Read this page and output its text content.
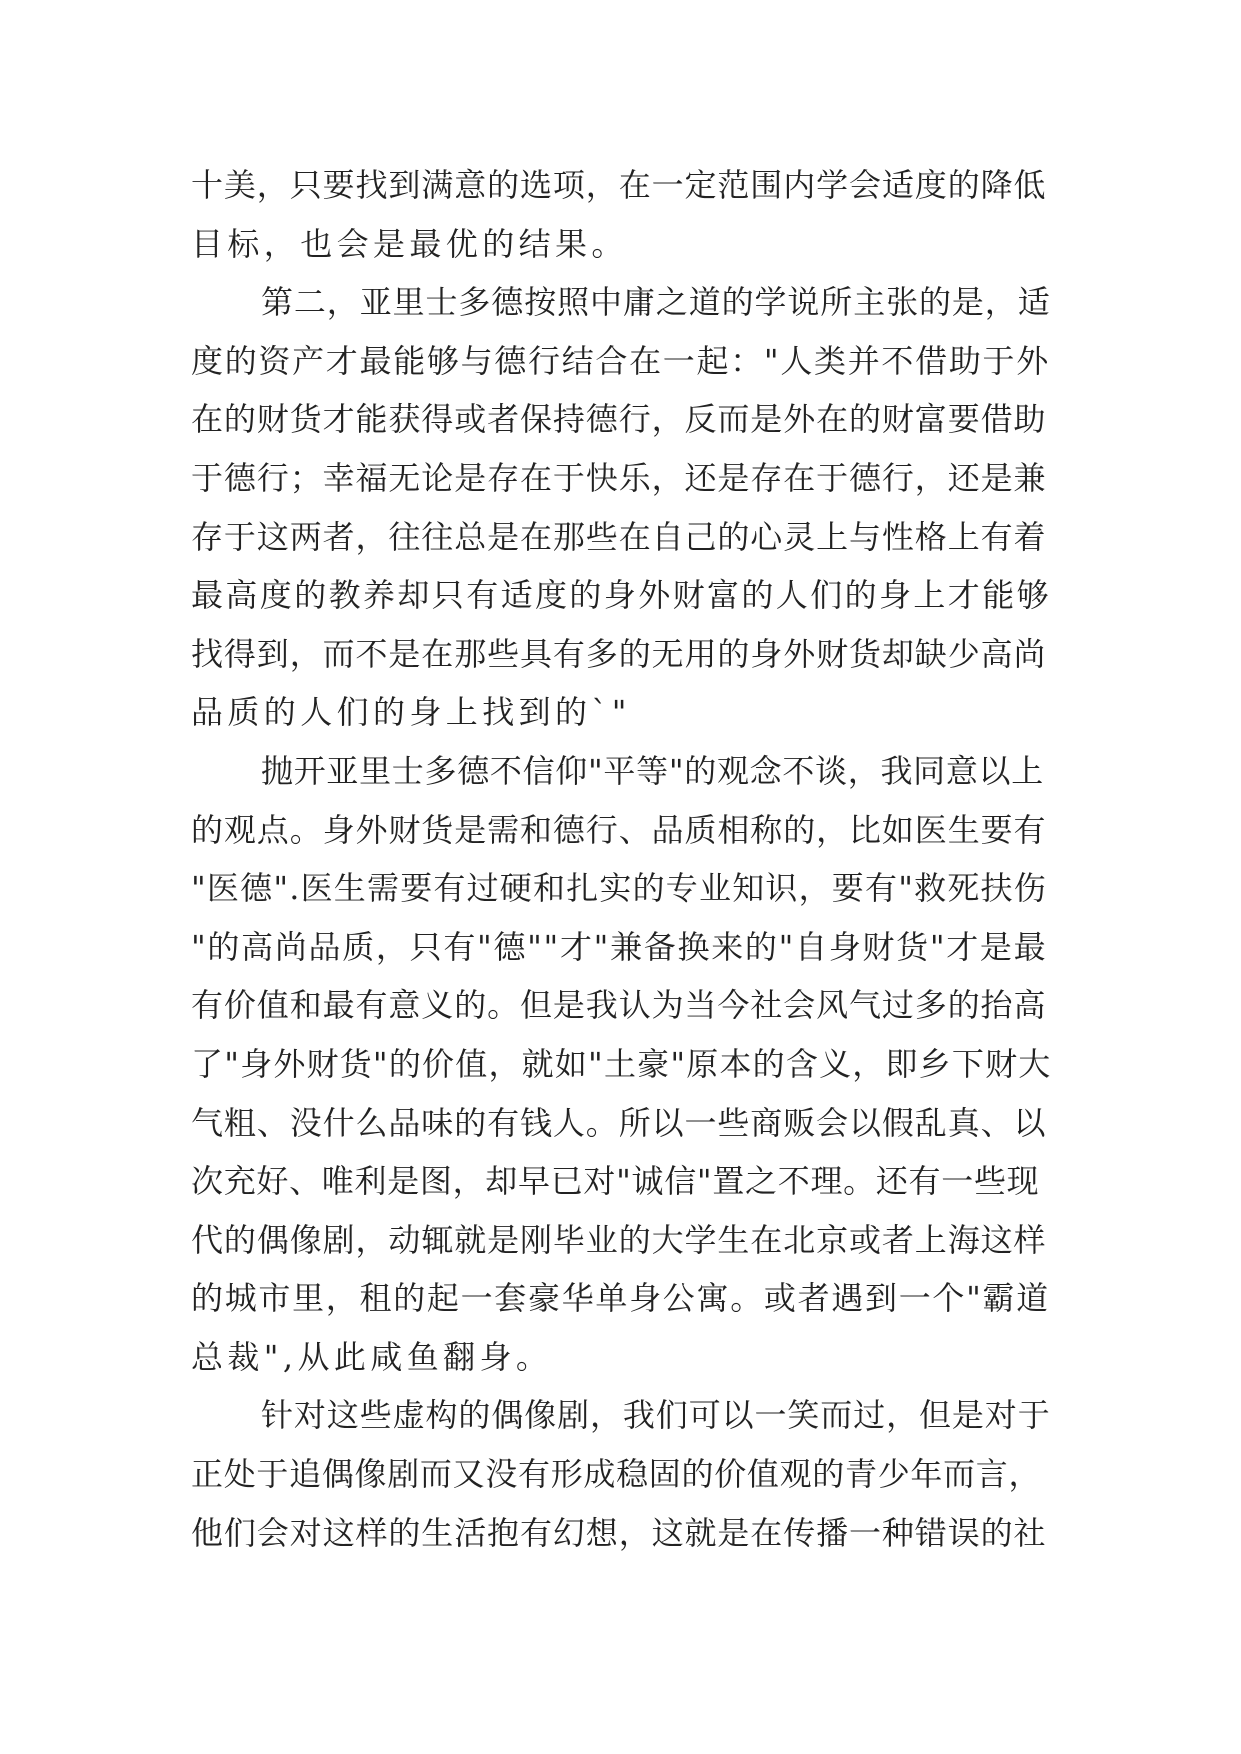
十美，只要找到满意的选项，在一定范围内学会适度的降低
目标，也会是最优的结果。
第二，亚里士多德按照中庸之道的学说所主张的是，适
度的资产才最能够与德行结合在一起："人类并不借助于外
在的财货才能获得或者保持德行，反而是外在的财富要借助
于德行；幸福无论是存在于快乐，还是存在于德行，还是兼
存于这两者，往往总是在那些在自己的心灵上与性格上有着
最高度的教养却只有适度的身外财富的人们的身上才能够
找得到，而不是在那些具有多的无用的身外财货却缺少高尚
品质的人们的身上找到的`"
抛开亚里士多德不信仰"平等"的观念不谈，我同意以上
的观点。身外财货是需和德行、品质相称的，比如医生要有
"医德".医生需要有过硬和扎实的专业知识，要有"救死扶伤
"的高尚品质，只有"德""才"兼备换来的"自身财货"才是最
有价值和最有意义的。但是我认为当今社会风气过多的抬高
了"身外财货"的价值，就如"土豪"原本的含义，即乡下财大
气粗、没什么品味的有钱人。所以一些商贩会以假乱真、以
次充好、唯利是图，却早已对"诚信"置之不理。还有一些现
代的偶像剧，动辄就是刚毕业的大学生在北京或者上海这样
的城市里，租的起一套豪华单身公寓。或者遇到一个"霸道
总裁",从此咸鱼翻身。
针对这些虚构的偶像剧，我们可以一笑而过，但是对于
正处于追偶像剧而又没有形成稳固的价值观的青少年而言，
他们会对这样的生活抱有幻想，这就是在传播一种错误的社
